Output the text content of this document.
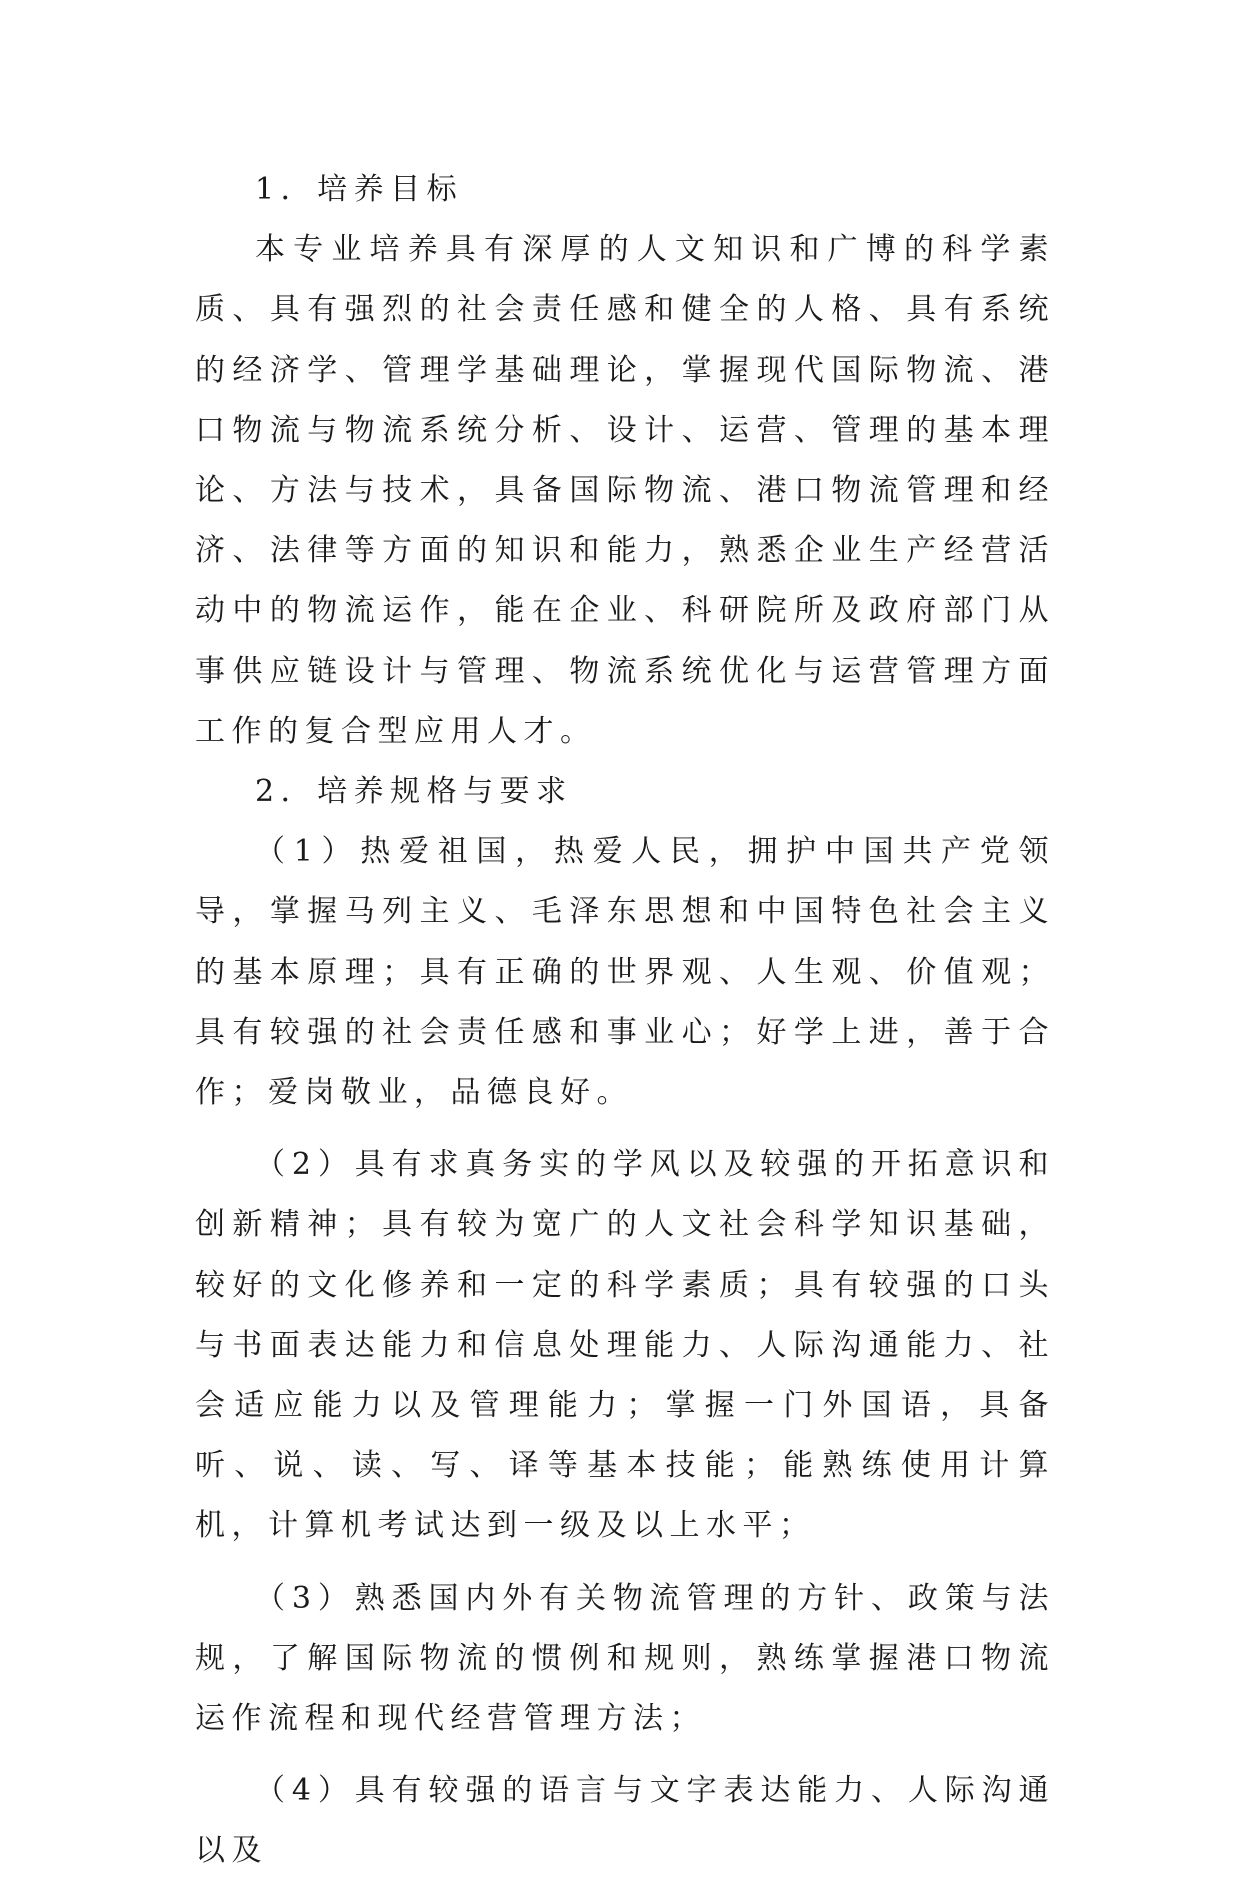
1．培养目标

本专业培养具有深厚的人文知识和广博的科学素质、具有强烈的社会责任感和健全的人格、具有系统的经济学、管理学基础理论，掌握现代国际物流、港口物流与物流系统分析、设计、运营、管理的基本理论、方法与技术，具备国际物流、港口物流管理和经济、法律等方面的知识和能力，熟悉企业生产经营活动中的物流运作，能在企业、科研院所及政府部门从事供应链设计与管理、物流系统优化与运营管理方面工作的复合型应用人才。

2．培养规格与要求

（1）热爱祖国，热爱人民，拥护中国共产党领导，掌握马列主义、毛泽东思想和中国特色社会主义的基本原理；具有正确的世界观、人生观、价值观；具有较强的社会责任感和事业心；好学上进，善于合作；爱岗敬业，品德良好。

（2）具有求真务实的学风以及较强的开拓意识和创新精神；具有较为宽广的人文社会科学知识基础，较好的文化修养和一定的科学素质；具有较强的口头与书面表达能力和信息处理能力、人际沟通能力、社会适应能力以及管理能力；掌握一门外国语，具备听、说、读、写、译等基本技能；能熟练使用计算机，计算机考试达到一级及以上水平；

（3）熟悉国内外有关物流管理的方针、政策与法规，了解国际物流的惯例和规则，熟练掌握港口物流运作流程和现代经营管理方法；

（4）具有较强的语言与文字表达能力、人际沟通以及
